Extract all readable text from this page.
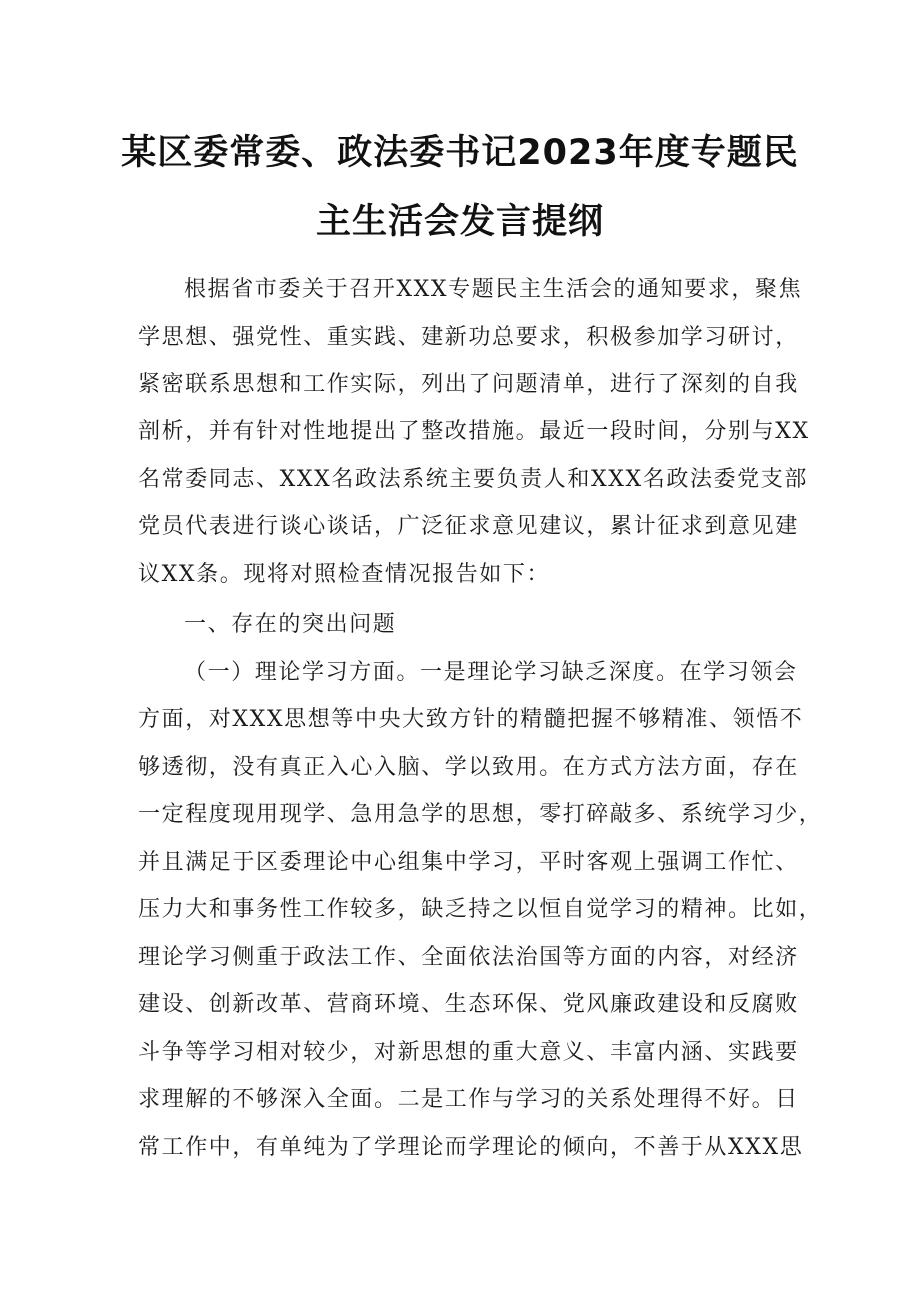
某区委常委、政法委书记2023年度专题民
主生活会发言提纲
根据省市委关于召开XXX专题民主生活会的通知要求，聚焦
学思想、强党性、重实践、建新功总要求，积极参加学习研讨，
紧密联系思想和工作实际，列出了问题清单，进行了深刻的自我
剖析，并有针对性地提出了整改措施。最近一段时间，分别与XX
名常委同志、XXX名政法系统主要负责人和XXX名政法委党支部
党员代表进行谈心谈话，广泛征求意见建议，累计征求到意见建
议XX条。现将对照检查情况报告如下：
一、存在的突出问题
（一）理论学习方面。一是理论学习缺乏深度。在学习领会
方面，对XXX思想等中央大致方针的精髓把握不够精准、领悟不
够透彻，没有真正入心入脑、学以致用。在方式方法方面，存在
一定程度现用现学、急用急学的思想，零打碎敲多、系统学习少，
并且满足于区委理论中心组集中学习，平时客观上强调工作忙、
压力大和事务性工作较多，缺乏持之以恒自觉学习的精神。比如，
理论学习侧重于政法工作、全面依法治国等方面的内容，对经济
建设、创新改革、营商环境、生态环保、党风廉政建设和反腐败
斗争等学习相对较少，对新思想的重大意义、丰富内涵、实践要
求理解的不够深入全面。二是工作与学习的关系处理得不好。日
常工作中，有单纯为了学理论而学理论的倾向，不善于从XXX思
